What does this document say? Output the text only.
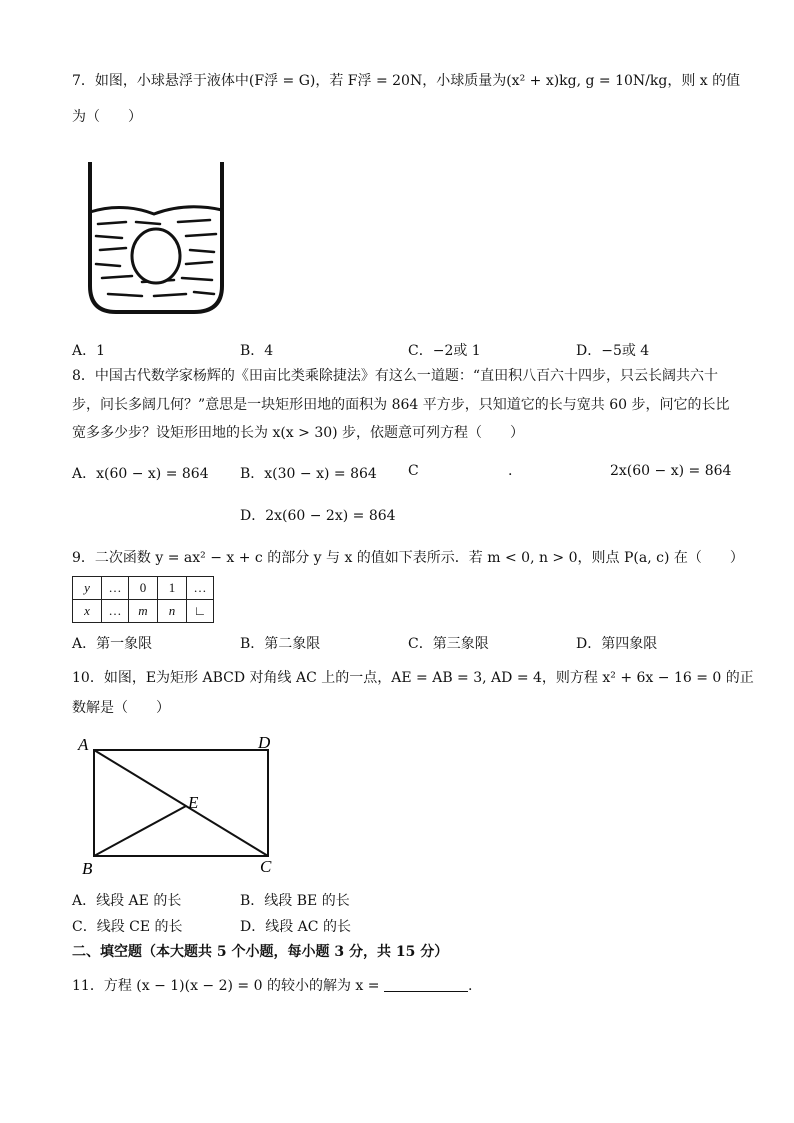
7．如图，小球悬浮于液体中(F浮 = G)，若 F浮 = 20N，小球质量为(x² + x)kg, g = 10N/kg，则 x 的值
为（　　）
A．1	B．4	C．−2或 1	D．−5或 4
8．中国古代数学家杨辉的《田亩比类乘除捷法》有这么一道题：“直田积八百六十四步，只云长阔共六十
步，问长多阔几何？”意思是一块矩形田地的面积为 864 平方步，只知道它的长与宽共 60 步，问它的长比
宽多多少步？设矩形田地的长为 x(x > 30) 步，依题意可列方程（　　）
A．x(60 − x) = 864 B．x(30 − x) = 864 C	.	2x(60 − x) = 864
D．2x(60 − 2x) = 864
9．二次函数 y = ax² − x + c 的部分 y 与 x 的值如下表所示．若 m < 0, n > 0，则点 P(a, c) 在（　　）
y	…	0	1	…
x	…	m	n	∟
A．第一象限	B．第二象限	C．第三象限	D．第四象限
10．如图，E为矩形 ABCD 对角线 AC 上的一点，AE = AB = 3, AD = 4，则方程 x² + 6x − 16 = 0 的正
数解是（　　）
A	D
B	C
E
A．线段 AE 的长	B．线段 BE 的长
C．线段 CE 的长	D．线段 AC 的长
二、填空题（本大题共 5 个小题，每小题 3 分，共 15 分）
11．方程 (x − 1)(x − 2) = 0 的较小的解为 x =	.
